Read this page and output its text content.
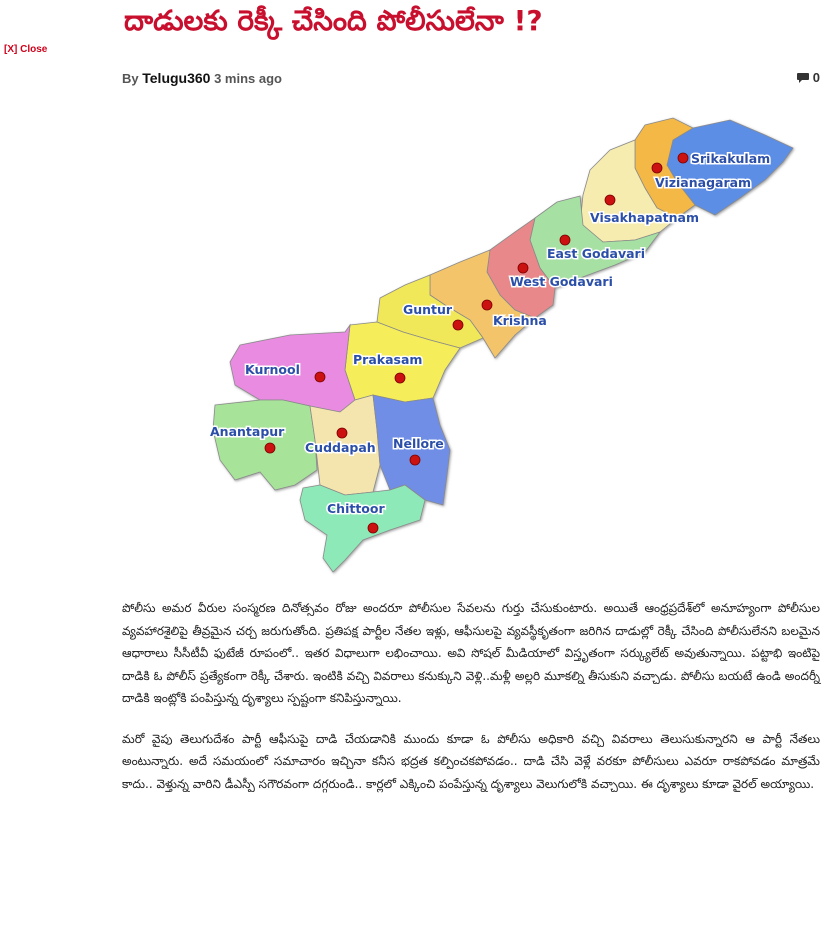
[X] Close
దాడులకు రెక్కీ చేసింది పోలీసులేనా !?
By Telugu360 3 mins ago	0
Srikakulam
Vizianagaram
Visakhapatnam
East Godavari
West Godavari
Krishna
Guntur
Prakasam
Kurnool
Anantapur
Cuddapah Nellore
Chittoor

పోలీసు అమర వీరుల సంస్మరణ దినోత్సవం రోజు అందరూ పోలీసుల సేవలను గుర్తు చేసుకుంటారు. అయితే ఆంధ్రప్రదేశ్‌లో అనూహ్యంగా పోలీసుల వ్యవహారశైలిపై తీవ్రమైన చర్చ జరుగుతోంది. ప్రతిపక్ష పార్టీల నేతల ఇళ్లు, ఆఫీసులపై వ్యవస్థీకృతంగా జరిగిన దాడుల్లో రెక్కీ చేసింది పోలీసులేనని బలమైన ఆధారాలు సీసీటీవీ ఫుటేజీ రూపంలో.. ఇతర విధాలుగా లభించాయి. అవి సోషల్ మీడియాలో విస్తృతంగా సర్క్యులేట్ అవుతున్నాయి. పట్టాభి ఇంటిపై దాడికి ఓ పోలీస్ ప్రత్యేకంగా రెక్కీ చేశారు. ఇంటికి వచ్చి వివరాలు కనుక్కుని వెళ్లి..మళ్లీ అల్లరి మూకల్ని తీసుకుని వచ్చాడు. పోలీసు బయటే ఉండి అందర్నీ దాడికి ఇంట్లోకి పంపిస్తున్న దృశ్యాలు స్పష్టంగా కనిపిస్తున్నాయి.

మరో వైపు తెలుగుదేశం పార్టీ ఆఫీసుపై దాడి చేయడానికి ముందు కూడా ఓ పోలీసు అధికారి వచ్చి వివరాలు తెలుసుకున్నారని ఆ పార్టీ నేతలు అంటున్నారు. అదే సమయంలో సమాచారం ఇచ్చినా కనీస భద్రత కల్పించకపోవడం.. దాడి చేసి వెళ్లే వరకూ పోలీసులు ఎవరూ రాకపోవడం మాత్రమే కాదు.. వెళ్తున్న వారిని డీఎస్పీ సగౌరవంగా దగ్గరుండి.. కార్లలో ఎక్కించి పంపేస్తున్న దృశ్యాలు వెలుగులోకి వచ్చాయి. ఈ దృశ్యాలు కూడా వైరల్ అయ్యాయి.
